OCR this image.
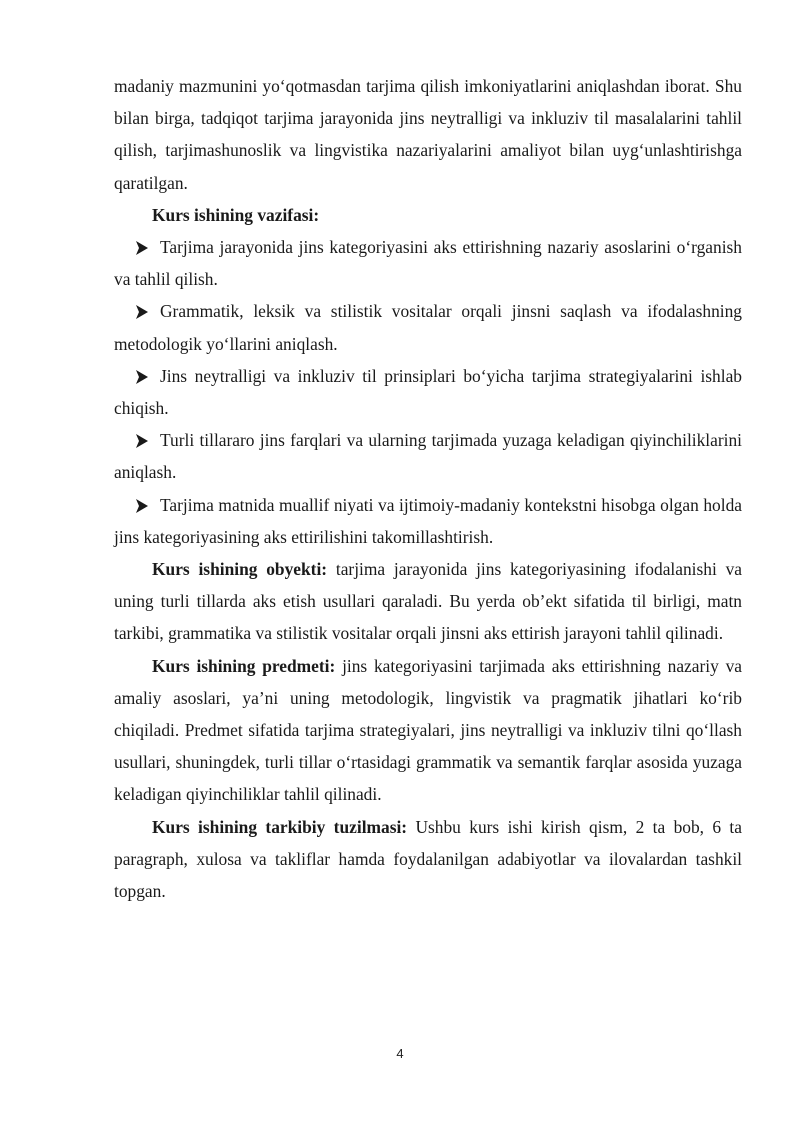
madaniy mazmunini yo‘qotmasdan tarjima qilish imkoniyatlarini aniqlashdan iborat. Shu bilan birga, tadqiqot tarjima jarayonida jins neytralligi va inkluziv til masalalarini tahlil qilish, tarjimashunoslik va lingvistika nazariyalarini amaliyot bilan uyg‘unlashtirishga qaratilgan.

Kurs ishining vazifasi:

Tarjima jarayonida jins kategoriyasini aks ettirishning nazariy asoslarini o‘rganish va tahlil qilish.

Grammatik, leksik va stilistik vositalar orqali jinsni saqlash va ifodalashning metodologik yo‘llarini aniqlash.

Jins neytralligi va inkluziv til prinsiplari bo‘yicha tarjima strategiyalarini ishlab chiqish.

Turli tillararo jins farqlari va ularning tarjimada yuzaga keladigan qiyinchiliklarini aniqlash.

Tarjima matnida muallif niyati va ijtimoiy-madaniy kontekstni hisobga olgan holda jins kategoriyasining aks ettirilishini takomillashtirish.

Kurs ishining obyekti: tarjima jarayonida jins kategoriyasining ifodalanishi va uning turli tillarda aks etish usullari qaraladi. Bu yerda ob’ekt sifatida til birligi, matn tarkibi, grammatika va stilistik vositalar orqali jinsni aks ettirish jarayoni tahlil qilinadi.

Kurs ishining predmeti: jins kategoriyasini tarjimada aks ettirishning nazariy va amaliy asoslari, ya’ni uning metodologik, lingvistik va pragmatik jihatlari ko‘rib chiqiladi. Predmet sifatida tarjima strategiyalari, jins neytralligi va inkluziv tilni qo‘llash usullari, shuningdek, turli tillar o‘rtasidagi grammatik va semantik farqlar asosida yuzaga keladigan qiyinchiliklar tahlil qilinadi.

Kurs ishining tarkibiy tuzilmasi: Ushbu kurs ishi kirish qism, 2 ta bob, 6 ta paragraph, xulosa va takliflar hamda foydalanilgan adabiyotlar va ilovalardan tashkil topgan.

4
